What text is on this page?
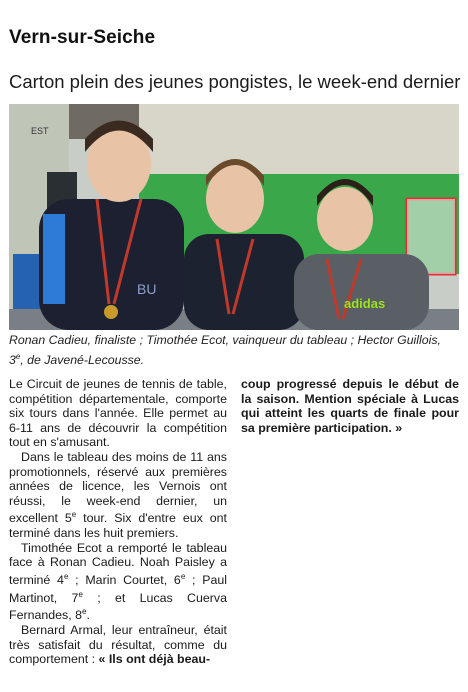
Vern-sur-Seiche
Carton plein des jeunes pongistes, le week-end dernier
EST
BU
adidas
Ronan Cadieu, finaliste ; Timothée Ecot, vainqueur du tableau ; Hector Guillois, 3e, de Javené-Lecousse.

Le Circuit de jeunes de tennis de table, compétition départementale, comporte six tours dans l'année. Elle permet au 6-11 ans de découvrir la compétition tout en s'amusant.

Dans le tableau des moins de 11 ans promotionnels, réservé aux premières années de licence, les Vernois ont réussi, le week-end dernier, un excellent 5e tour. Six d'entre eux ont terminé dans les huit premiers.

Timothée Ecot a remporté le tableau face à Ronan Cadieu. Noah Paisley a terminé 4e ; Marin Courtet, 6e ; Paul Martinot, 7e ; et Lucas Cuerva Fernandes, 8e.

Bernard Armal, leur entraîneur, était très satisfait du résultat, comme du comportement : « Ils ont déjà beau-

coup progressé depuis le début de la saison. Mention spéciale à Lucas qui atteint les quarts de finale pour sa première participation. »
